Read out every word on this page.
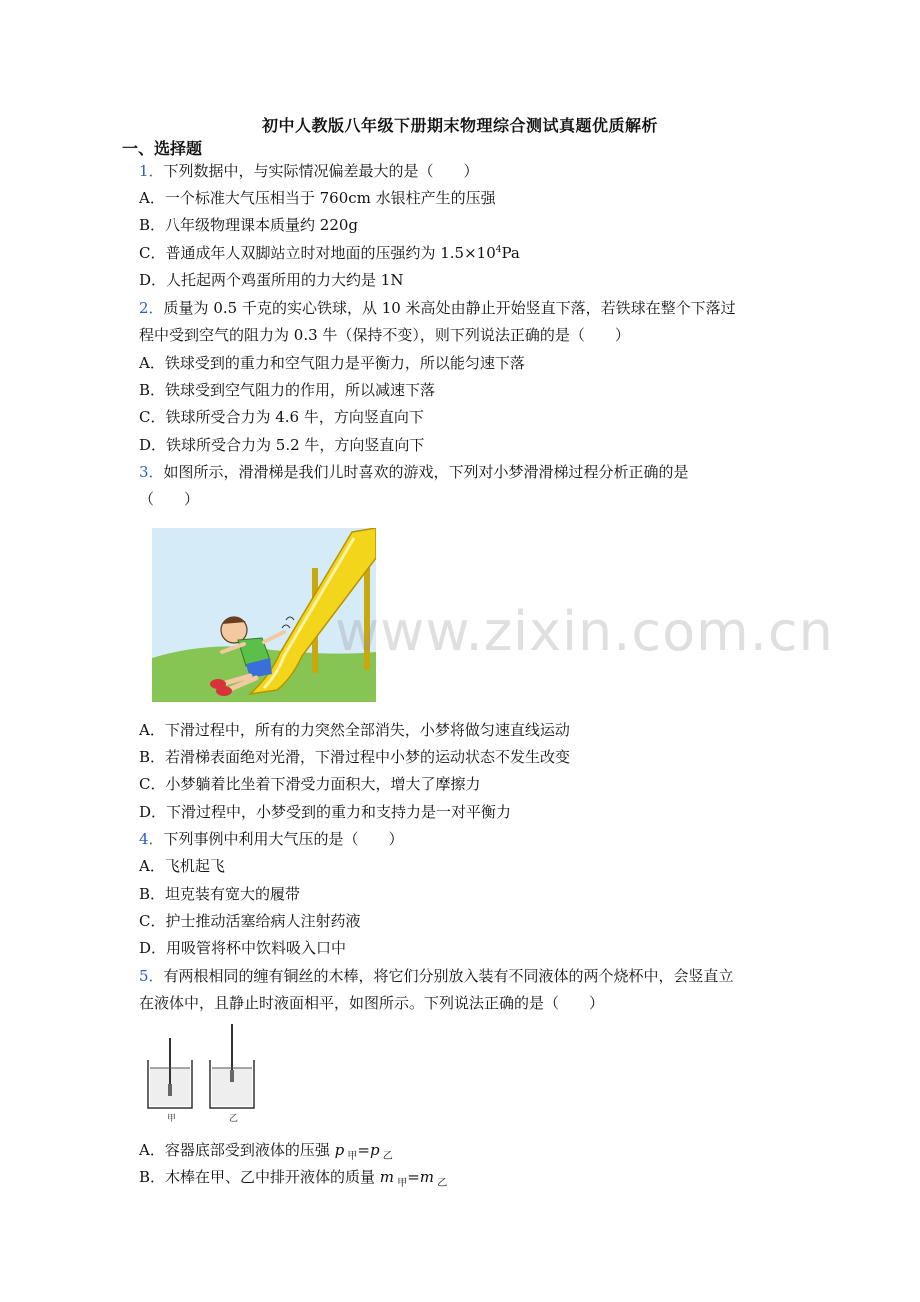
初中人教版八年级下册期末物理综合测试真题优质解析
一、选择题
1．下列数据中，与实际情况偏差最大的是（　　）
A．一个标准大气压相当于 760cm 水银柱产生的压强
B．八年级物理课本质量约 220g
C．普通成年人双脚站立时对地面的压强约为 $1.5\times 10^4Pa$
D．人托起两个鸡蛋所用的力大约是 1N
2．质量为 0.5 千克的实心铁球，从 10 米高处由静止开始竖直下落，若铁球在整个下落过
程中受到空气的阻力为 0.3 牛（保持不变），则下列说法正确的是（　　）
A．铁球受到的重力和空气阻力是平衡力，所以能匀速下落
B．铁球受到空气阻力的作用，所以减速下落
C．铁球所受合力为 4.6 牛，方向竖直向下
D．铁球所受合力为 5.2 牛，方向竖直向下
3．如图所示，滑滑梯是我们儿时喜欢的游戏，下列对小梦滑滑梯过程分析正确的是
（　　）
www.zixin.com.cn
A．下滑过程中，所有的力突然全部消失，小梦将做匀速直线运动
B．若滑梯表面绝对光滑，下滑过程中小梦的运动状态不发生改变
C．小梦躺着比坐着下滑受力面积大，增大了摩擦力
D．下滑过程中，小梦受到的重力和支持力是一对平衡力
4．下列事例中利用大气压的是（　　）
A．飞机起飞
B．坦克装有宽大的履带
C．护士推动活塞给病人注射药液
D．用吸管将杯中饮料吸入口中
5．有两根相同的缠有铜丝的木棒，将它们分别放入装有不同液体的两个烧杯中，会竖直立
在液体中，且静止时液面相平，如图所示。下列说法正确的是（　　）
甲	乙
A．容器底部受到液体的压强 p $_甲$=p $_乙$
B．木棒在甲、乙中排开液体的质量 m $_甲$=m $_乙$
